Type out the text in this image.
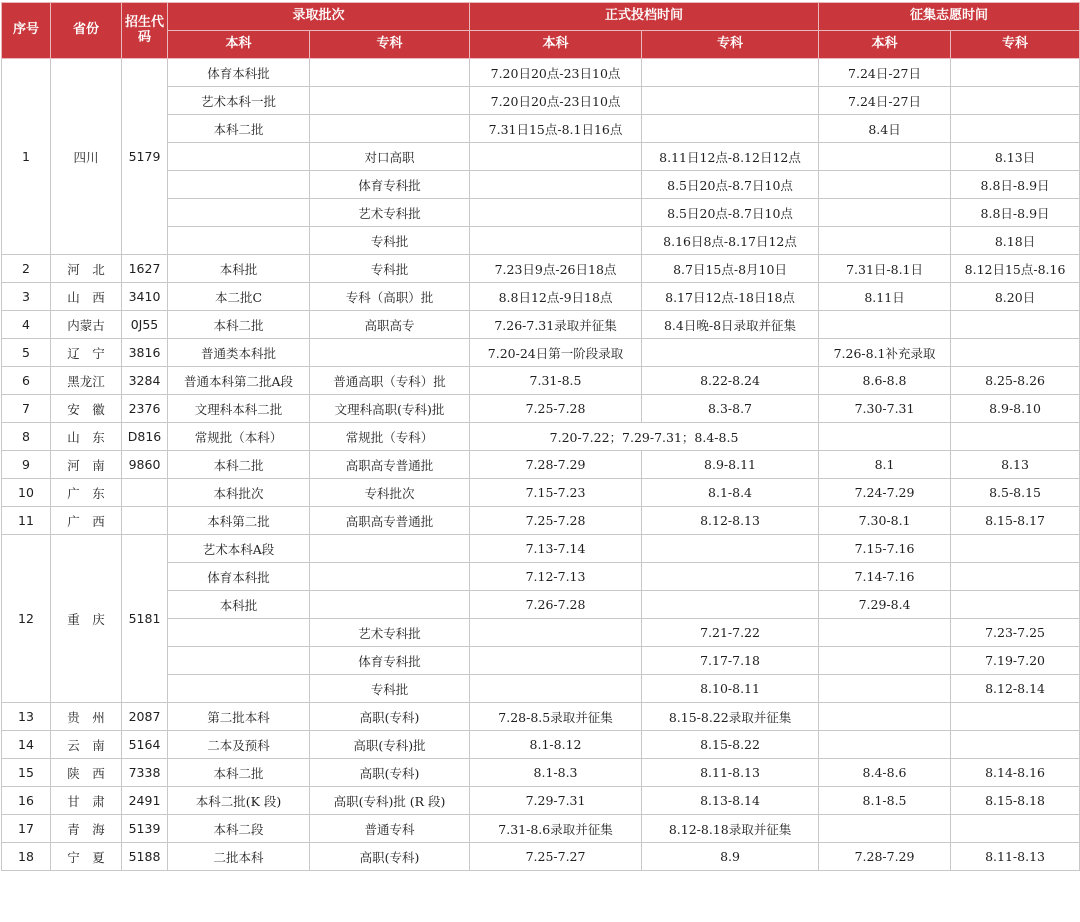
序号	省份	招生代码	录取批次		正式投档时间		征集志愿时间	
			本科	专科	本科	专科	本科	专科
1	四川	5179	体育本科批		7.20日20点-23日10点		7.24日-27日	
			艺术本科一批		7.20日20点-23日10点		7.24日-27日	
			本科二批		7.31日15点-8.1日16点		8.4日	
				对口高职		8.11日12点-8.12日12点		8.13日
				体育专科批		8.5日20点-8.7日10点		8.8日-8.9日
				艺术专科批		8.5日20点-8.7日10点		8.8日-8.9日
				专科批		8.16日8点-8.17日12点		8.18日
2	河　北	1627	本科批	专科批	7.23日9点-26日18点	8.7日15点-8月10日	7.31日-8.1日	8.12日15点-8.16
3	山　西	3410	本二批C	专科（高职）批	8.8日12点-9日18点	8.17日12点-18日18点	8.11日	8.20日
4	内蒙古	0J55	本科二批	高职高专	7.26-7.31录取并征集	8.4日晚-8日录取并征集		
5	辽　宁	3816	普通类本科批		7.20-24日第一阶段录取		7.26-8.1补充录取	
6	黑龙江	3284	普通本科第二批A段	普通高职（专科）批	7.31-8.5	8.22-8.24	8.6-8.8	8.25-8.26
7	安　徽	2376	文理科本科二批	文理科高职(专科)批	7.25-7.28	8.3-8.7	7.30-7.31	8.9-8.10
8	山　东	D816	常规批（本科）	常规批（专科）	7.20-7.22；7.29-7.31；8.4-8.5			
9	河　南	9860	本科二批	高职高专普通批	7.28-7.29	8.9-8.11	8.1	8.13
10	广　东		本科批次	专科批次	7.15-7.23	8.1-8.4	7.24-7.29	8.5-8.15
11	广　西		本科第二批	高职高专普通批	7.25-7.28	8.12-8.13	7.30-8.1	8.15-8.17
12	重　庆	5181	艺术本科A段		7.13-7.14		7.15-7.16	
			体育本科批		7.12-7.13		7.14-7.16	
			本科批		7.26-7.28		7.29-8.4	
				艺术专科批		7.21-7.22		7.23-7.25
				体育专科批		7.17-7.18		7.19-7.20
				专科批		8.10-8.11		8.12-8.14
13	贵　州	2087	第二批本科	高职(专科)	7.28-8.5录取并征集	8.15-8.22录取并征集		
14	云　南	5164	二本及预科	高职(专科)批	8.1-8.12	8.15-8.22		
15	陕　西	7338	本科二批	高职(专科)	8.1-8.3	8.11-8.13	8.4-8.6	8.14-8.16
16	甘　肃	2491	本科二批(K 段)	高职(专科)批 (R 段)	7.29-7.31	8.13-8.14	8.1-8.5	8.15-8.18
17	青　海	5139	本科二段	普通专科	7.31-8.6录取并征集	8.12-8.18录取并征集		
18	宁　夏	5188	二批本科	高职(专科)	7.25-7.27	8.9	7.28-7.29	8.11-8.13
